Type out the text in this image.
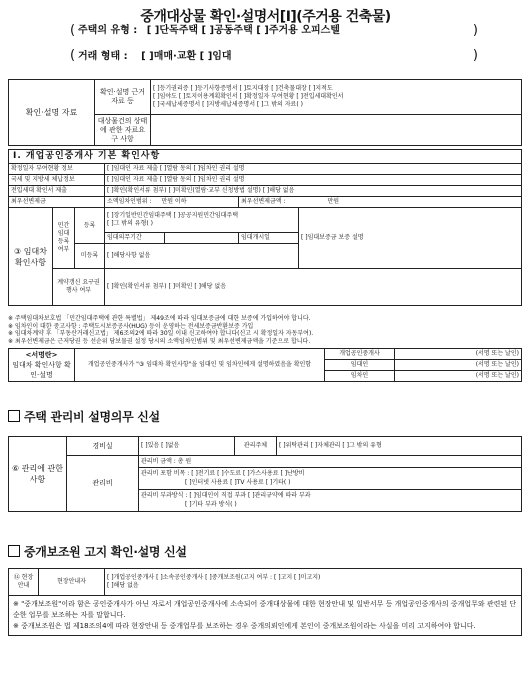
중개대상물 확인·설명서[Ⅰ](주거용 건축물)
( 주택의 유형 : [ ]단독주택 [ ]공동주택 [ ]주거용 오피스텔	)
( 거래 형태 : [ ]매매·교환 [ ]임대	)
확인·설명 자료	확인·설명 근거자료 등	[ ]등기권리증 [ ]등기사항증명서 [ ]토지대장 [ ]건축물대장 [ ]지적도
[ ]임야도 [ ]토지이용계획확인서 [ ]확정일자 부여현황 [ ]전입세대확인서
[ ]국세납세증명서 [ ]지방세납세증명서 [ ]그 밖의 자료( )

	대상물건의 상태에 관한 자료요구 사항	
Ⅰ. 개업공인중개사 기본 확인사항						
확정일자 부여현황 정보			[ ]임대인 자료 제출 [ ]열람 동의 [ ]임차인 권리 설명			
국세 및 지방세 체납정보			[ ]임대인 자료 제출 [ ]열람 동의 [ ]임차인 권리 설명			
전입세대 확인서 제출			[ ]확인(확인서류 첨부) [ ]미확인(열람·교부 신청방법 설명) [ ]해당 없음			
최우선변제금			소액임차인범위 : 만원 이하		최우선변제금액 : 만원	
③ 임대차 확인사항	민간임대등록여부	등록	[ ]장기일반민간임대주택 [ ]공공지원민간임대주택
[ ]그 밖의 유형( )			[ ]임대보증금 보증 설명
			임대의무기간		임대개시일	
		미등록	[ ]해당사항 없음			
	계약갱신 요구권 행사 여부		[ ]확인(확인서류 첨부) [ ]미확인 [ ]해당 없음			

※ 주택임대차보호법 「민간임대주택에 관한 특별법」 제49조에 따라 임대보증금에 대한 보증에 가입하여야 합니다.
※ 임차인이 대한 중고사항 : 주택도시보증공사(HUG) 등이 운영하는 전세보증금반환보증 가입
※ 임대차계약 후 「부동산거래신고법」 제6조의2에 따라 30일 이내 신고하여야 합니다(신고 시 확정일자 자동부여).
※ 최우선변제금은 근저당권 등 선순위 담보물권 설정 당시의 소액임차인범위 및 최우선변제금액을 기준으로 합니다.
<서명란>
임대차 확인사항 확인·설명	개업공인중개사가 "③ 임대차 확인사항"을 임대인 및 임차인에게 설명하였음을 확인함	개업공인중개사	(서명 또는 날인)
		임대인	(서명 또는 날인)
		임차인	(서명 또는 날인)
주택 관리비 설명의무 신설
⑥ 관리에 관한사항	경비실	[ ]있음 [ ]없음	관리주체	[ ]위탁관리 [ ]자체관리 [ ]그 밖의 유형
	관리비	관리비 금액 : 총 원
관리비 포함 비목 : [ ]전기료 [ ]수도료 [ ]가스사용료 [ ]난방비
[ ]인터넷 사용료 [ ]TV 사용료 [ ]기타( )
관리비 부과방식 : [ ]임대인이 직접 부과 [ ]관리규약에 따라 부과
[ ]기타 부과 방식( )		
중개보조원 고지 확인·설명 신설
⑭ 현장안내	현장안내자	
[ ]개업공인중개사 [ ]소속공인중개사 [ ]중개보조원(고지 여부 : [ ]고지 [ ]미고지)
[ ]해당 없음

※ "중개보조원"이라 함은 공인중개사가 아닌 자로서 개업공인중개사에 소속되어 중개대상물에 대한 현장안내 및 일반서무 등 개업공인중개사의 중개업무와 관련된 단순한 업무를 보조하는 자를 말합니다.
※ 중개보조원은 법 제18조의4에 따라 현장안내 등 중개업무를 보조하는 경우 중개의뢰인에게 본인이 중개보조원이라는 사실을 미리 고지하여야 합니다.
